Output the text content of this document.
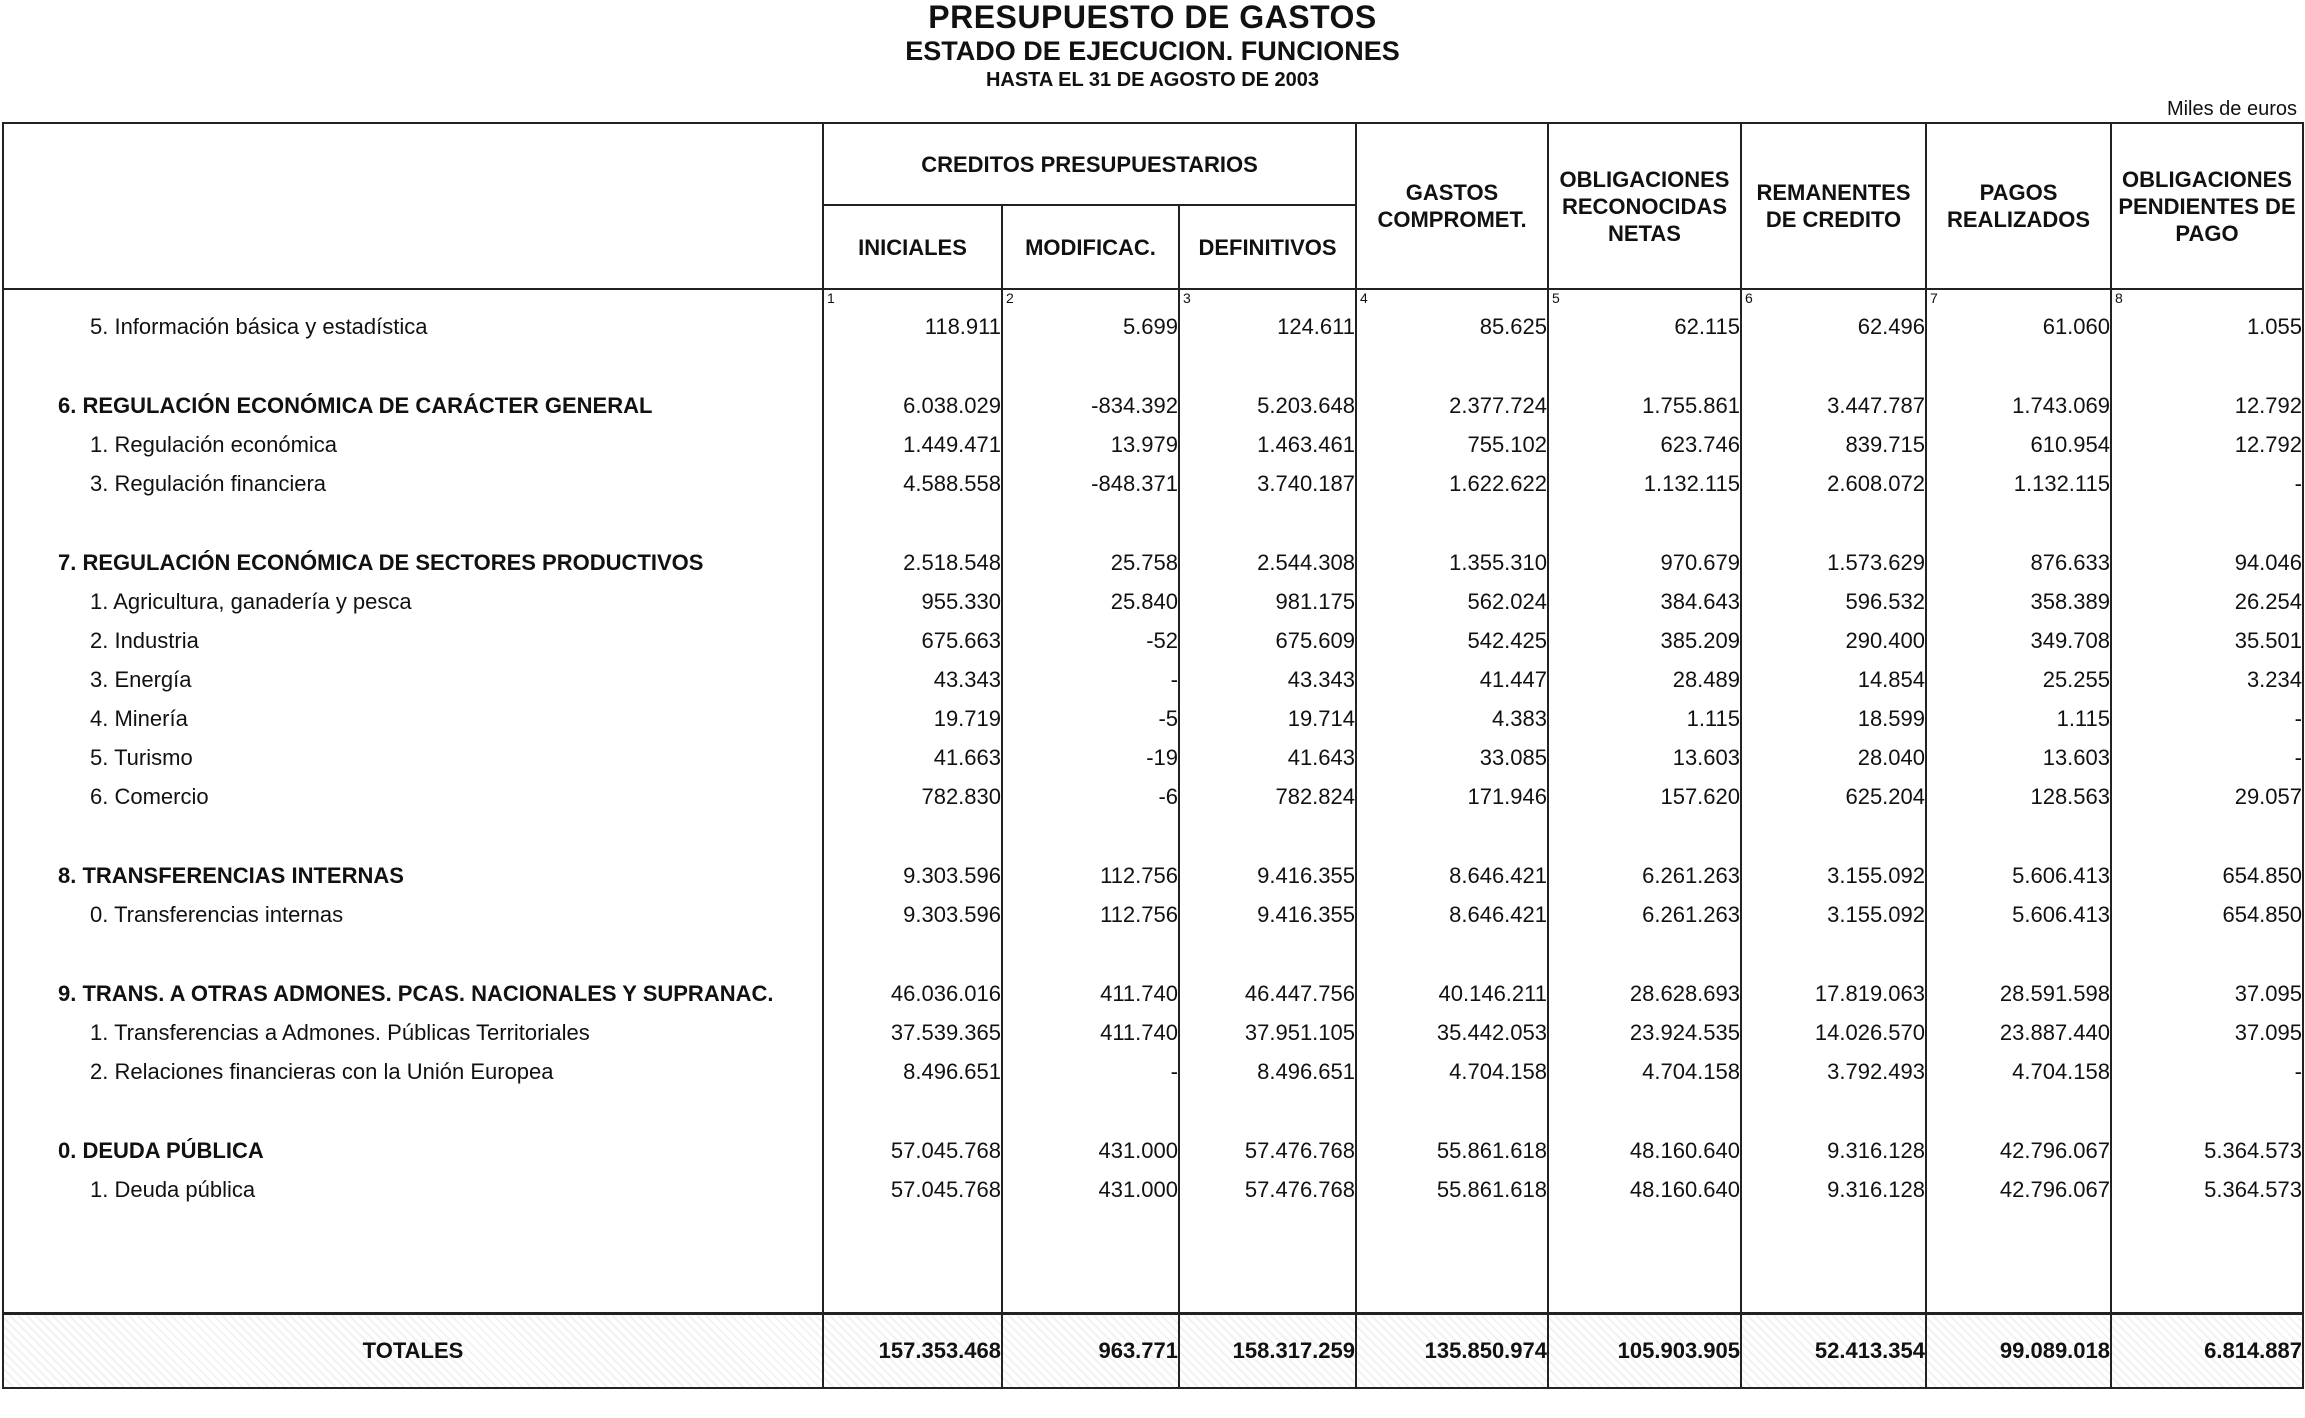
PRESUPUESTO DE GASTOS
ESTADO DE EJECUCION. FUNCIONES
HASTA EL 31 DE AGOSTO DE 2003
Miles de euros
	CREDITOS PRESUPUESTARIOS			GASTOS COMPROMET.	OBLIGACIONES RECONOCIDAS NETAS	REMANENTES DE CREDITO	PAGOS REALIZADOS	OBLIGACIONES PENDIENTES DE PAGO
	INICIALES	MODIFICAC.	DEFINITIVOS					
	1	2	3	4	5	6	7	8
5. Información básica y estadística	118.911	5.699	124.611	85.625	62.115	62.496	61.060	1.055

6. REGULACIÓN ECONÓMICA DE CARÁCTER GENERAL	6.038.029	-834.392	5.203.648	2.377.724	1.755.861	3.447.787	1.743.069	12.792
1. Regulación económica	1.449.471	13.979	1.463.461	755.102	623.746	839.715	610.954	12.792
3. Regulación financiera	4.588.558	-848.371	3.740.187	1.622.622	1.132.115	2.608.072	1.132.115	-

7. REGULACIÓN ECONÓMICA DE SECTORES PRODUCTIVOS	2.518.548	25.758	2.544.308	1.355.310	970.679	1.573.629	876.633	94.046
1. Agricultura, ganadería y pesca	955.330	25.840	981.175	562.024	384.643	596.532	358.389	26.254
2. Industria	675.663	-52	675.609	542.425	385.209	290.400	349.708	35.501
3. Energía	43.343	-	43.343	41.447	28.489	14.854	25.255	3.234
4. Minería	19.719	-5	19.714	4.383	1.115	18.599	1.115	-
5. Turismo	41.663	-19	41.643	33.085	13.603	28.040	13.603	-
6. Comercio	782.830	-6	782.824	171.946	157.620	625.204	128.563	29.057

8. TRANSFERENCIAS INTERNAS	9.303.596	112.756	9.416.355	8.646.421	6.261.263	3.155.092	5.606.413	654.850
0. Transferencias internas	9.303.596	112.756	9.416.355	8.646.421	6.261.263	3.155.092	5.606.413	654.850

9. TRANS. A OTRAS ADMONES. PCAS. NACIONALES Y SUPRANAC.	46.036.016	411.740	46.447.756	40.146.211	28.628.693	17.819.063	28.591.598	37.095
1. Transferencias a Admones. Públicas Territoriales	37.539.365	411.740	37.951.105	35.442.053	23.924.535	14.026.570	23.887.440	37.095
2. Relaciones financieras con la Unión Europea	8.496.651	-	8.496.651	4.704.158	4.704.158	3.792.493	4.704.158	-

0. DEUDA PÚBLICA	57.045.768	431.000	57.476.768	55.861.618	48.160.640	9.316.128	42.796.067	5.364.573
1. Deuda pública	57.045.768	431.000	57.476.768	55.861.618	48.160.640	9.316.128	42.796.067	5.364.573

TOTALES	157.353.468	963.771	158.317.259	135.850.974	105.903.905	52.413.354	99.089.018	6.814.887
